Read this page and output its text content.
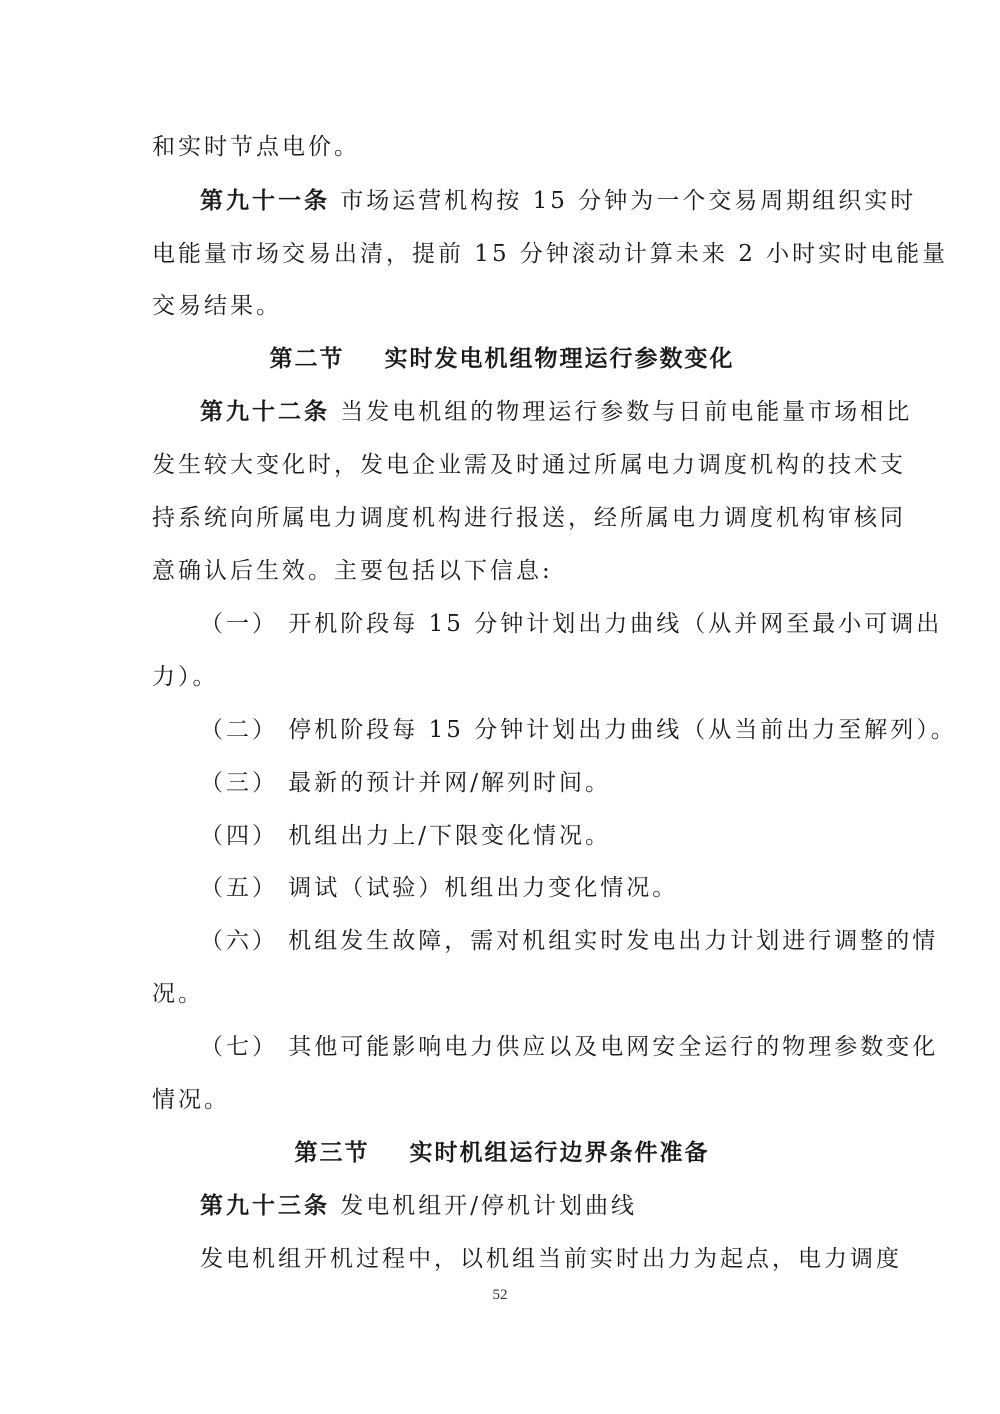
和实时节点电价。
第九十一条 市场运营机构按 15 分钟为一个交易周期组织实时
电能量市场交易出清，提前 15 分钟滚动计算未来 2 小时实时电能量
交易结果。
第二节    实时发电机组物理运行参数变化
第九十二条 当发电机组的物理运行参数与日前电能量市场相比
发生较大变化时，发电企业需及时通过所属电力调度机构的技术支
持系统向所属电力调度机构进行报送，经所属电力调度机构审核同
意确认后生效。主要包括以下信息:
（一） 开机阶段每 15 分钟计划出力曲线（从并网至最小可调出
力）。
（二） 停机阶段每 15 分钟计划出力曲线（从当前出力至解列）。
（三） 最新的预计并网/解列时间。
（四） 机组出力上/下限变化情况。
（五） 调试（试验）机组出力变化情况。
（六） 机组发生故障，需对机组实时发电出力计划进行调整的情
况。
（七） 其他可能影响电力供应以及电网安全运行的物理参数变化
情况。
第三节    实时机组运行边界条件准备
第九十三条 发电机组开/停机计划曲线
发电机组开机过程中，以机组当前实时出力为起点，电力调度
52
